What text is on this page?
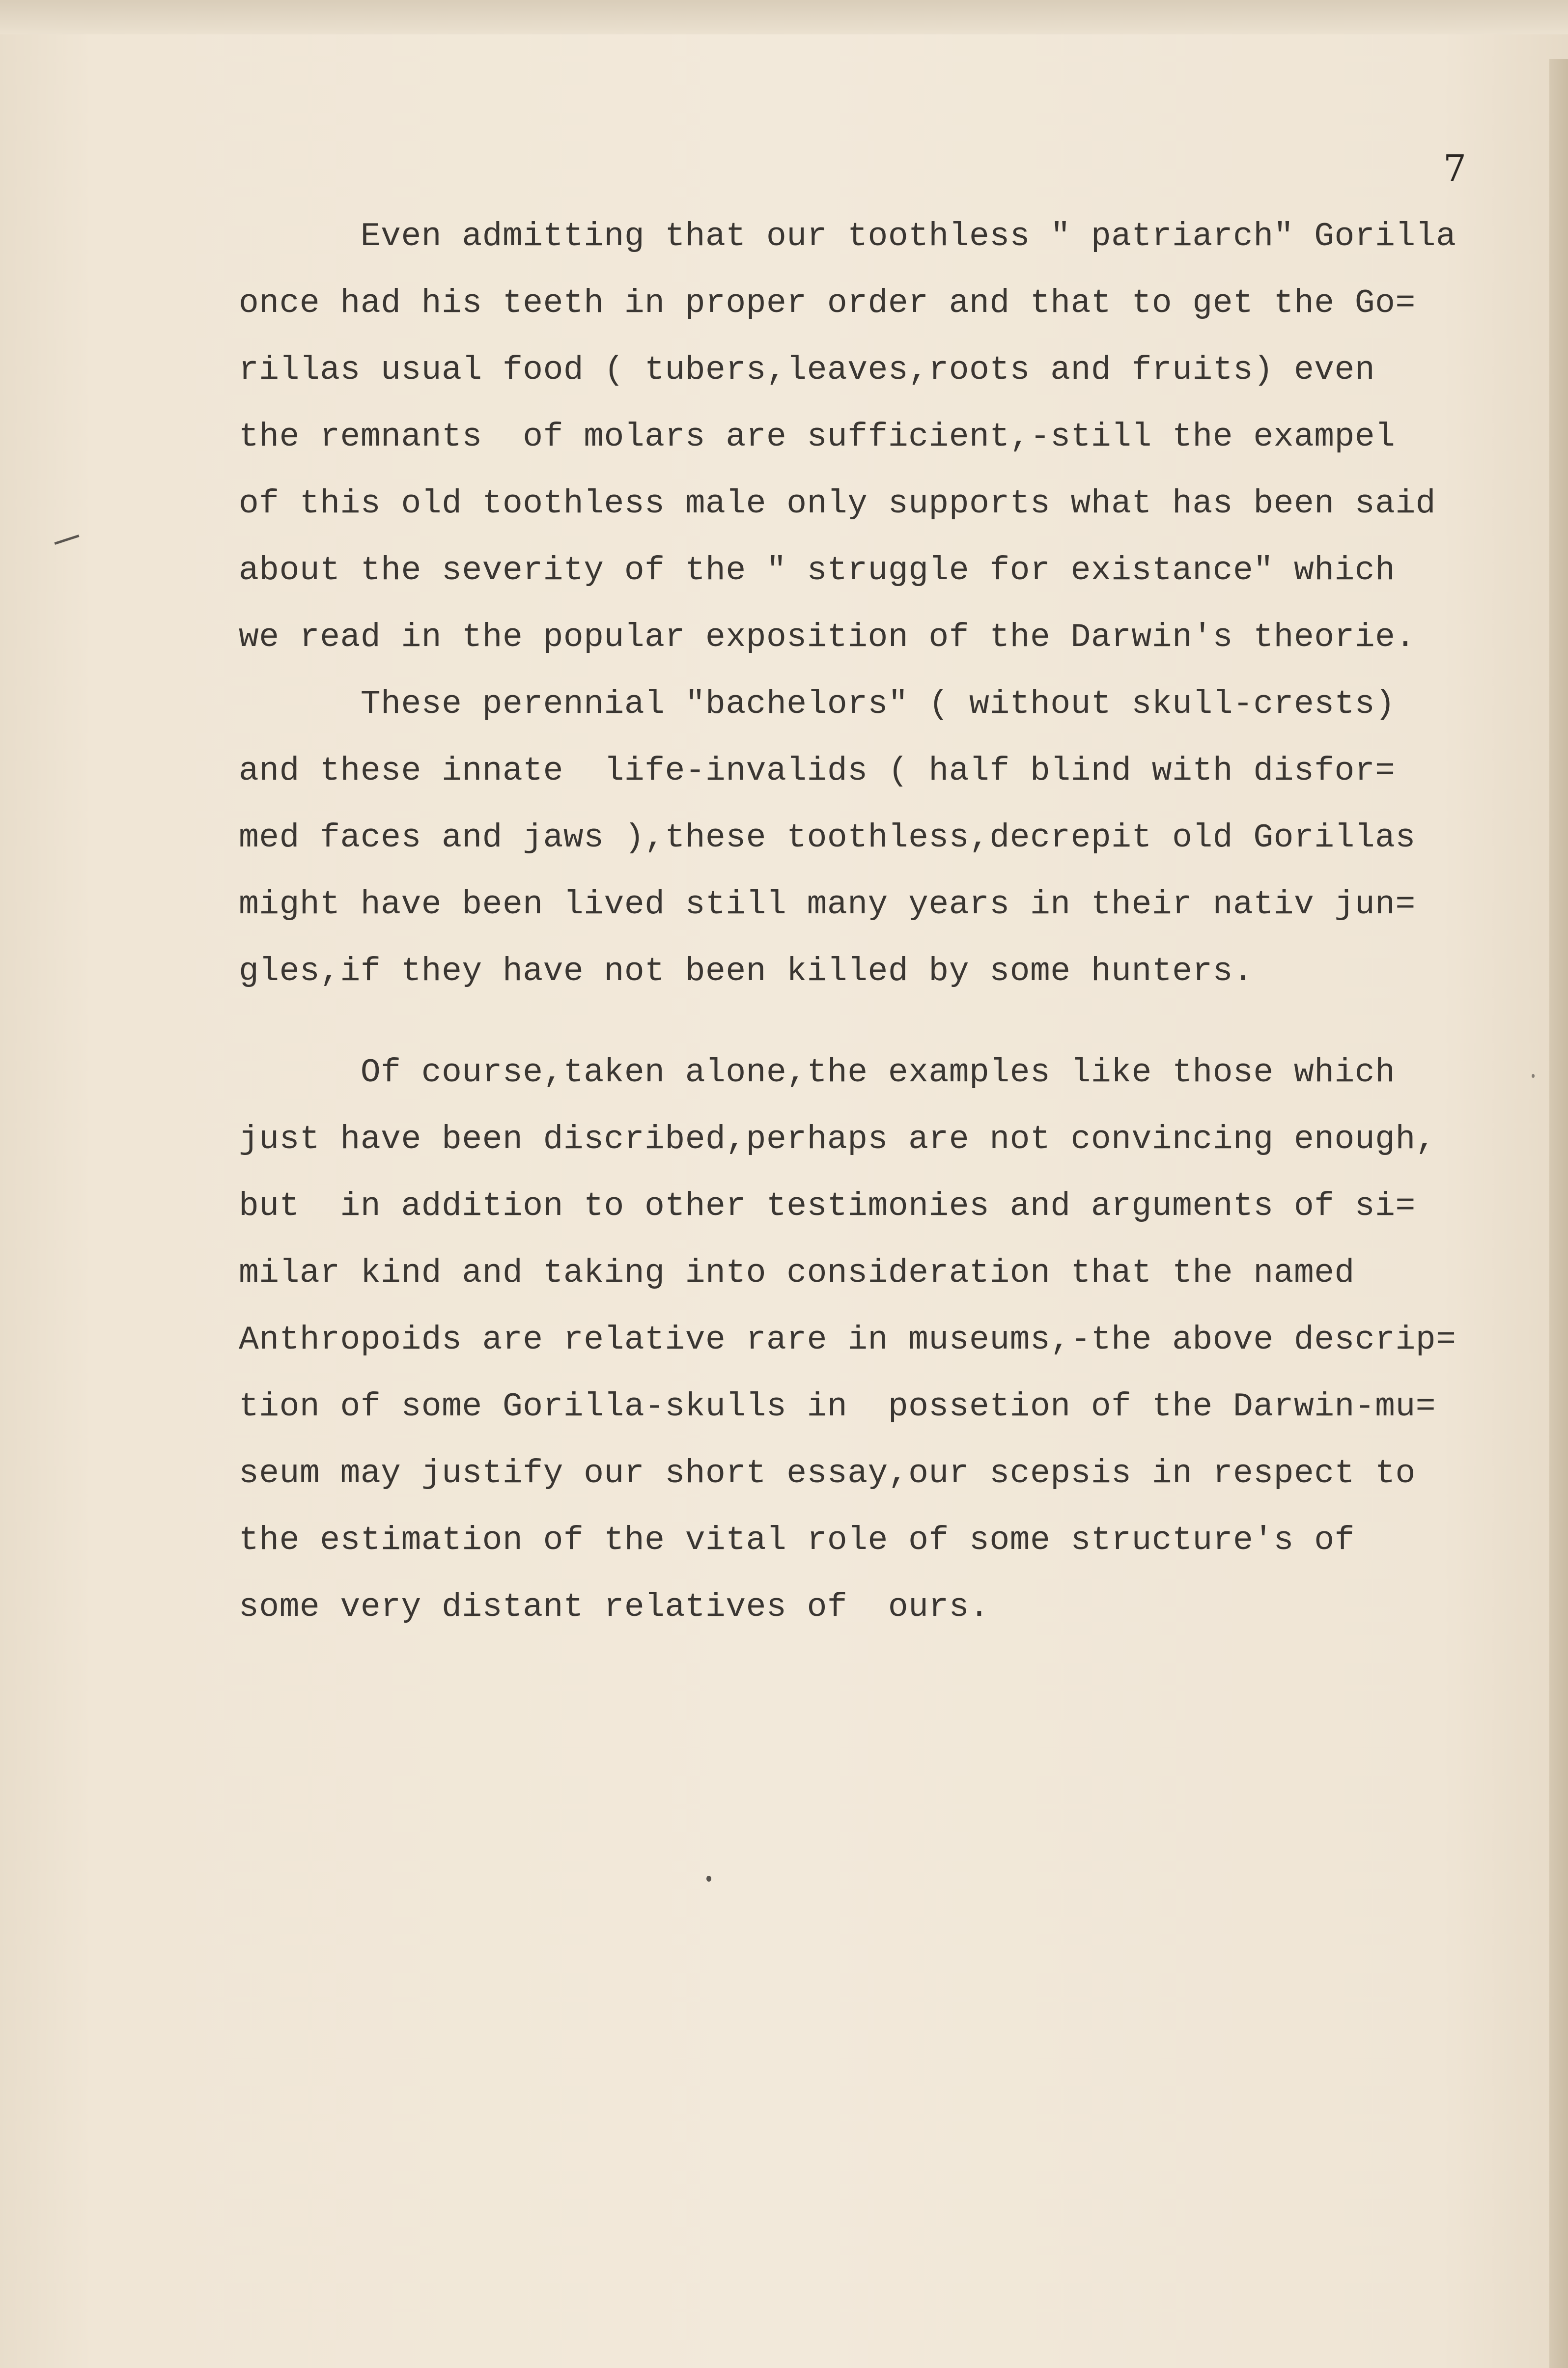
7
Even admitting that our toothless " patriarch" Gorilla
once had his teeth in proper order and that to get the Go=
rillas usual food ( tubers,leaves,roots and fruits) even
the remnants  of molars are sufficient,-still the exampel
of this old toothless male only supports what has been said
about the severity of the " struggle for existance" which
we read in the popular exposition of the Darwin's theorie.
These perennial "bachelors" ( without skull-crests)
and these innate  life-invalids ( half blind with disfor=
med faces and jaws ),these toothless,decrepit old Gorillas
might have been lived still many years in their nativ jun=
gles,if they have not been killed by some hunters.
Of course,taken alone,the examples like those which
just have been discribed,perhaps are not convincing enough,
but  in addition to other testimonies and arguments of si=
milar kind and taking into consideration that the named
Anthropoids are relative rare in museums,-the above descrip=
tion of some Gorilla-skulls in  possetion of the Darwin-mu=
seum may justify our short essay,our scepsis in respect to
the estimation of the vital role of some structure's of
some very distant relatives of  ours.
